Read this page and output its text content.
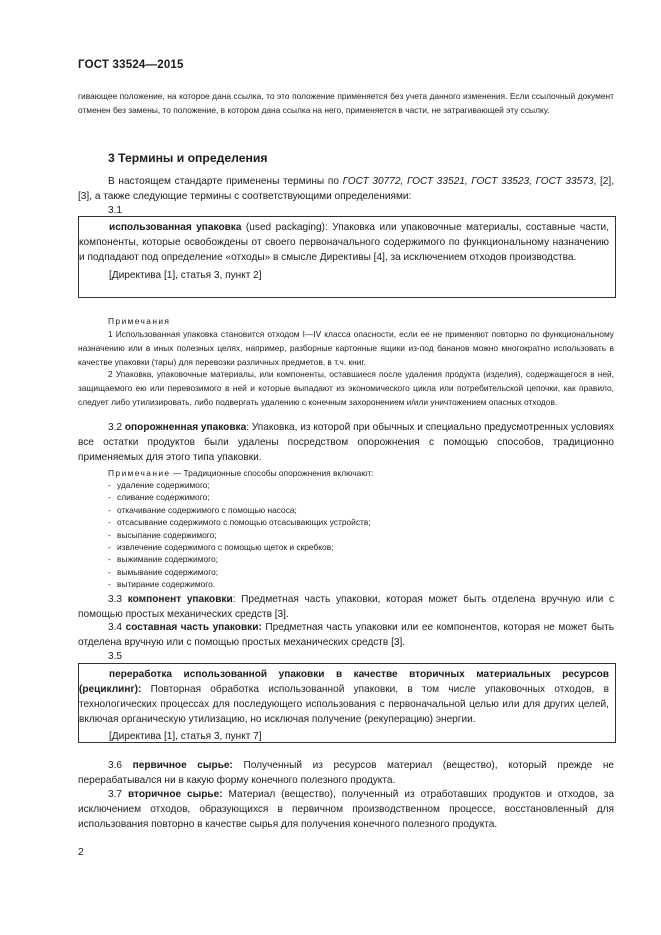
ГОСТ 33524—2015
гивающее положение, на которое дана ссылка, то это положение применяется без учета данного изменения. Если ссылочный документ отменен без замены, то положение, в котором дана ссылка на него, применяется в части, не затрагивающей эту ссылку.
3 Термины и определения
В настоящем стандарте применены термины по ГОСТ 30772, ГОСТ 33521, ГОСТ 33523, ГОСТ 33573, [2], [3], а также следующие термины с соответствующими определениями:
3.1
использованная упаковка (used packaging): Упаковка или упаковочные материалы, составные части, компоненты, которые освобождены от своего первоначального содержимого по функциональному назначению и подпадают под определение «отходы» в смысле Директивы [4], за исключением отходов производства.
[Директива [1], статья 3, пункт 2]
Примечания
1 Использованная упаковка становится отходом I—IV класса опасности, если ее не применяют повторно по функциональному назначению или в иных полезных целях, например, разборные картонные ящики из-под бананов можно многократно использовать в качестве упаковки (тары) для перевозки различных предметов, в т.ч. книг.
2 Упаковка, упаковочные материалы, или компоненты, оставшиеся после удаления продукта (изделия), содержащегося в ней, защищаемого ею или перевозимого в ней и которые выпадают из экономического цикла или потребительской цепочки, как правило, следует либо утилизировать, либо подвергать удалению с конечным захоронением и/или уничтожением опасных отходов.
3.2 опорожненная упаковка: Упаковка, из которой при обычных и специально предусмотренных условиях все остатки продуктов были удалены посредством опорожнения с помощью способов, традиционно применяемых для этого типа упаковки.
Примечание — Традиционные способы опорожнения включают:
- удаление содержимого;
- сливание содержимого;
- откачивание содержимого с помощью насоса;
- отсасывание содержимого с помощью отсасывающих устройств;
- высыпание содержимого;
- извлечение содержимого с помощью щеток и скребков;
- выжимание содержимого;
- вымывание содержимого;
- вытирание содержимого.
3.3 компонент упаковки: Предметная часть упаковки, которая может быть отделена вручную или с помощью простых механических средств [3].
3.4 составная часть упаковки: Предметная часть упаковки или ее компонентов, которая не может быть отделена вручную или с помощью простых механических средств [3].
3.5
переработка использованной упаковки в качестве вторичных материальных ресурсов (рециклинг): Повторная обработка использованной упаковки, в том числе упаковочных отходов, в технологических процессах для последующего использования с первоначальной целью или для других целей, включая органическую утилизацию, но исключая получение (рекуперацию) энергии.
[Директива [1], статья 3, пункт 7]
3.6 первичное сырье: Полученный из ресурсов материал (вещество), который прежде не перерабатывался ни в какую форму конечного полезного продукта.
3.7 вторичное сырье: Материал (вещество), полученный из отработавших продуктов и отходов, за исключением отходов, образующихся в первичном производственном процессе, восстановленный для использования повторно в качестве сырья для получения конечного полезного продукта.
2
